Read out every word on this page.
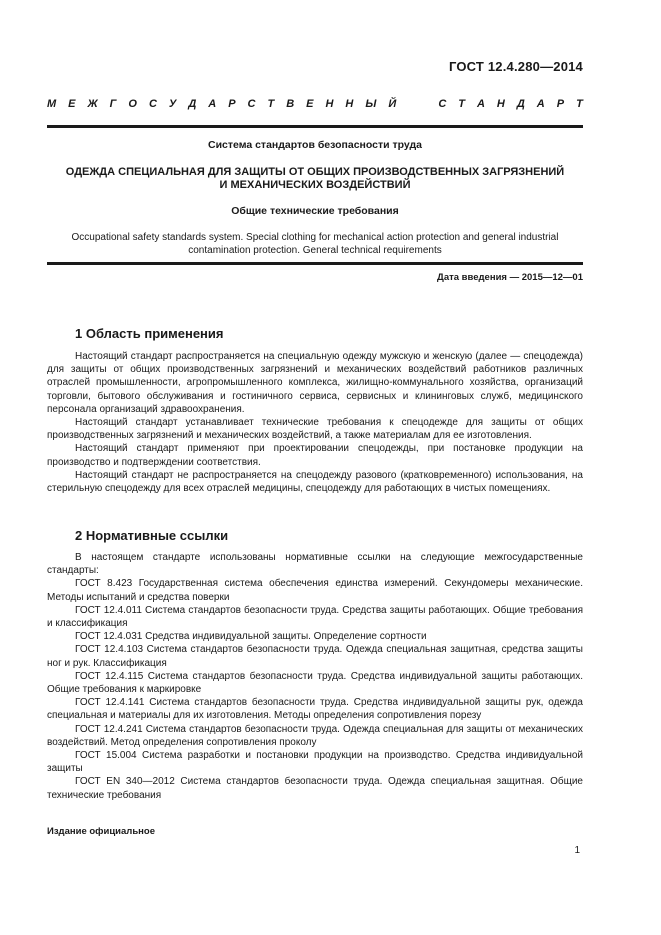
ГОСТ 12.4.280—2014
М Е Ж Г О С У Д А Р С Т В Е Н Н Ы Й

	С Т А Н Д А Р Т
Система стандартов безопасности труда
ОДЕЖДА СПЕЦИАЛЬНАЯ ДЛЯ ЗАЩИТЫ ОТ ОБЩИХ ПРОИЗВОДСТВЕННЫХ ЗАГРЯЗНЕНИЙ
И МЕХАНИЧЕСКИХ ВОЗДЕЙСТВИЙ
Общие технические требования
Occupational safety standards system. Special clothing for mechanical action protection and general industrial
contamination protection. General technical requirements
Дата введения — 2015—12—01
1 Область применения

Настоящий стандарт распространяется на специальную одежду мужскую и женскую (далее — спецодежда) для защиты от общих производственных загрязнений и механических воздействий работников различных отраслей промышленности, агропромышленного комплекса, жилищно-коммунального хозяйства, организаций торговли, бытового обслуживания и гостиничного сервиса, сервисных и клининговых служб, медицинского персонала организаций здравоохранения.

Настоящий стандарт устанавливает технические требования к спецодежде для защиты от общих производственных загрязнений и механических воздействий, а также материалам для ее изготовления.

Настоящий стандарт применяют при проектировании спецодежды, при постановке продукции на производство и подтверждении соответствия.

Настоящий стандарт не распространяется на спецодежду разового (кратковременного) использования, на стерильную спецодежду для всех отраслей медицины, спецодежду для работающих в чистых помещениях.

2 Нормативные ссылки

В настоящем стандарте использованы нормативные ссылки на следующие межгосударственные стандарты:

ГОСТ 8.423 Государственная система обеспечения единства измерений. Секундомеры механические. Методы испытаний и средства поверки

ГОСТ 12.4.011 Система стандартов безопасности труда. Средства защиты работающих. Общие требования и классификация

ГОСТ 12.4.031 Средства индивидуальной защиты. Определение сортности

ГОСТ 12.4.103 Система стандартов безопасности труда. Одежда специальная защитная, средства защиты ног и рук. Классификация

ГОСТ 12.4.115 Система стандартов безопасности труда. Средства индивидуальной защиты работающих. Общие требования к маркировке

ГОСТ 12.4.141 Система стандартов безопасности труда. Средства индивидуальной защиты рук, одежда специальная и материалы для их изготовления. Методы определения сопротивления порезу

ГОСТ 12.4.241 Система стандартов безопасности труда. Одежда специальная для защиты от механических воздействий. Метод определения сопротивления проколу

ГОСТ 15.004 Система разработки и постановки продукции на производство. Средства индивидуальной защиты

ГОСТ EN 340—2012 Система стандартов безопасности труда. Одежда специальная защитная. Общие технические требования

Издание официальное
1
